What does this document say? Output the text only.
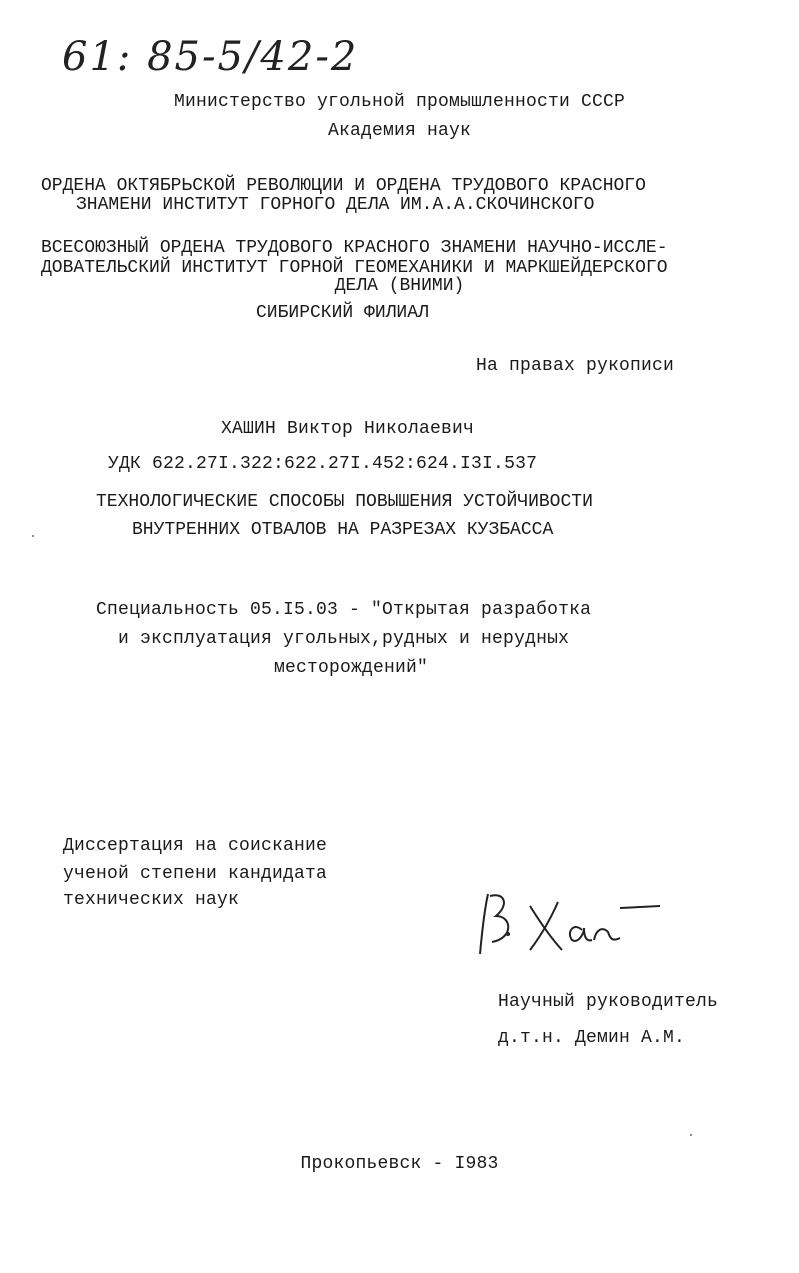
61: 85-5/42-2
Министерство угольной промышленности СССР
Академия наук
ОРДЕНА ОКТЯБРЬСКОЙ РЕВОЛЮЦИИ И ОРДЕНА ТРУДОВОГО КРАСНОГО
ЗНАМЕНИ ИНСТИТУТ ГОРНОГО ДЕЛА ИМ.А.А.СКОЧИНСКОГО
ВСЕСОЮЗНЫЙ ОРДЕНА ТРУДОВОГО КРАСНОГО ЗНАМЕНИ НАУЧНО-ИССЛЕ-
ДОВАТЕЛЬСКИЙ ИНСТИТУТ ГОРНОЙ ГЕОМЕХАНИКИ И МАРКШЕЙДЕРСКОГО
ДЕЛА (ВНИМИ)
СИБИРСКИЙ ФИЛИАЛ
На правах рукописи
ХАШИН Виктор Николаевич
УДК 622.27I.322:622.27I.452:624.I3I.537
ТЕХНОЛОГИЧЕСКИЕ СПОСОБЫ ПОВЫШЕНИЯ УСТОЙЧИВОСТИ
ВНУТРЕННИХ ОТВАЛОВ НА РАЗРЕЗАХ КУЗБАССА
Специальность 05.I5.03 - "Открытая разработка
и эксплуатация угольных,рудных и нерудных
месторождений"
Диссертация на соискание
ученой степени кандидата
технических наук
Научный руководитель
д.т.н. Демин А.М.
Прокопьевск - I983
